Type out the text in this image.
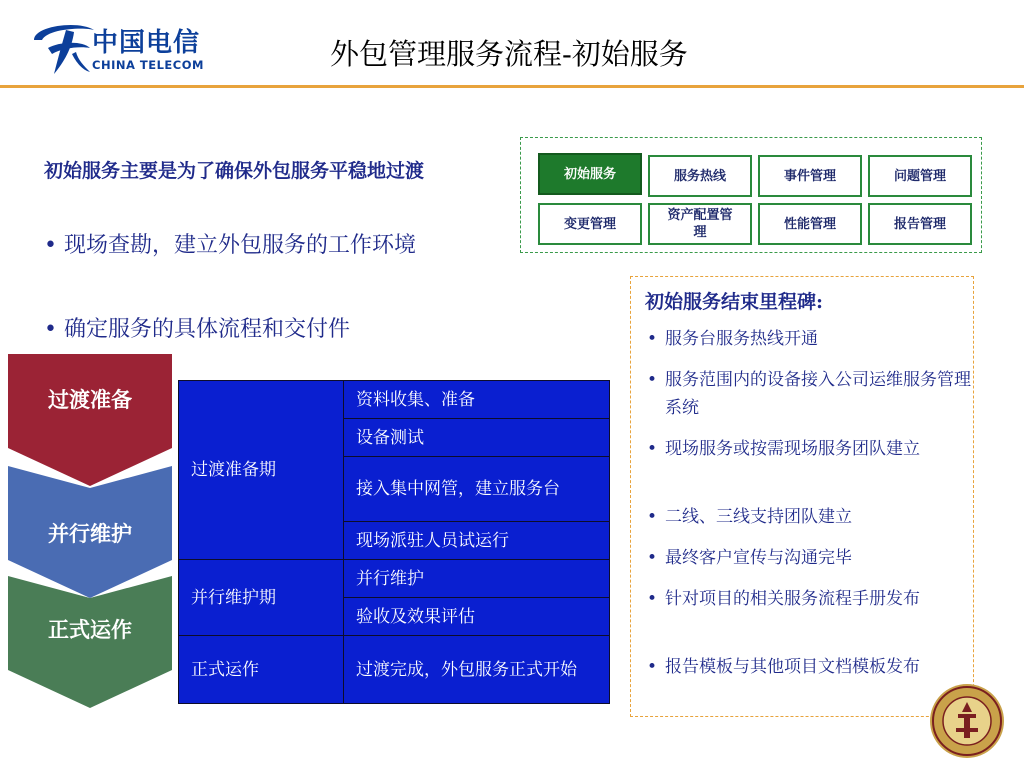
中国电信
CHINA TELECOM	外包管理服务流程-初始服务
初始服务主要是为了确保外包服务平稳地过渡
• 现场查勘，建立外包服务的工作环境
• 确定服务的具体流程和交付件
初始服务	服务热线	事件管理	问题管理
变更管理
资产配置管理
性能管理	报告管理
初始服务结束里程碑:
• 服务台服务热线开通
• 服务范围内的设备接入公司运维服务管理系统
• 现场服务或按需现场服务团队建立
• 二线、三线支持团队建立
• 最终客户宣传与沟通完毕
• 针对项目的相关服务流程手册发布
• 报告模板与其他项目文档模板发布
正式运作
并行维护
过渡准备
过渡准备期	资料收集、准备
	设备测试
	接入集中网管，建立服务台
	现场派驻人员试运行
并行维护期	并行维护
	验收及效果评估
正式运作	过渡完成，外包服务正式开始
